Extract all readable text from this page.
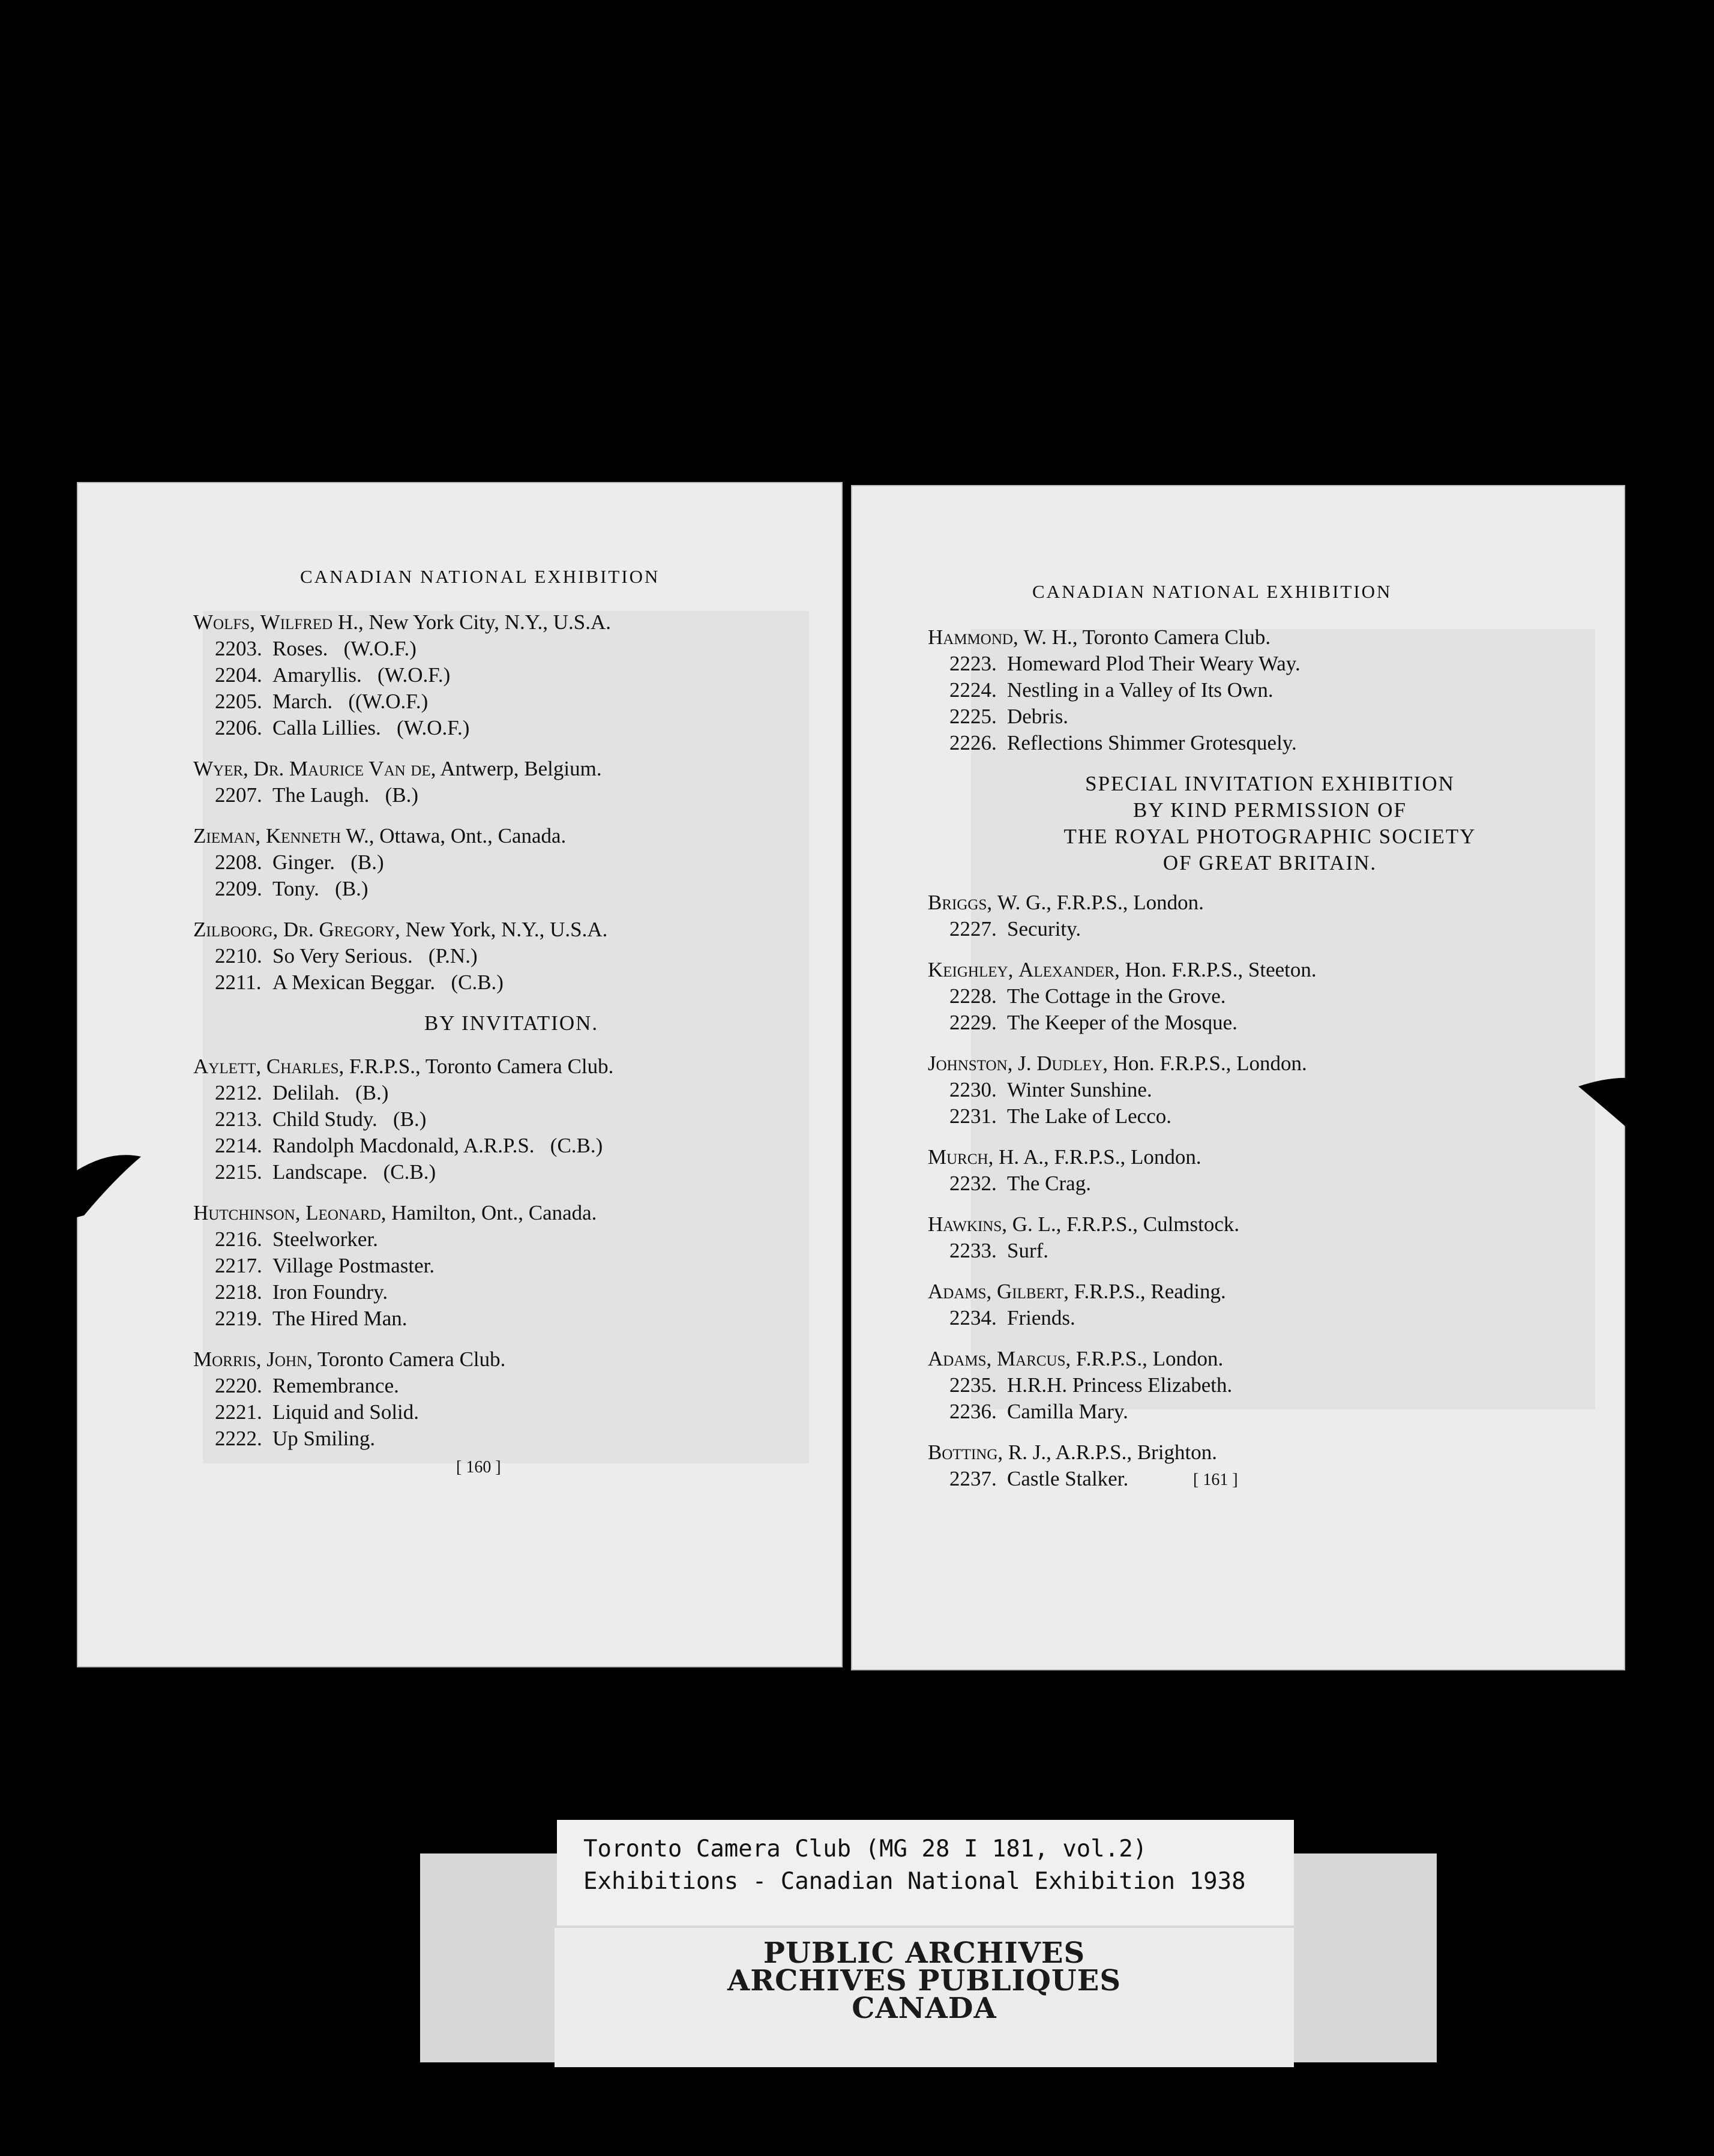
CANADIAN NATIONAL EXHIBITION
Wolfs, Wilfred H., New York City, N.Y., U.S.A.
2203. Roses. (W.O.F.)
2204. Amaryllis. (W.O.F.)
2205. March. ((W.O.F.)
2206. Calla Lillies. (W.O.F.)
Wyer, Dr. Maurice Van de, Antwerp, Belgium.
2207. The Laugh. (B.)
Zieman, Kenneth W., Ottawa, Ont., Canada.
2208. Ginger. (B.)
2209. Tony. (B.)
Zilboorg, Dr. Gregory, New York, N.Y., U.S.A.
2210. So Very Serious. (P.N.)
2211. A Mexican Beggar. (C.B.)
BY INVITATION.
Aylett, Charles, F.R.P.S., Toronto Camera Club.
2212. Delilah. (B.)
2213. Child Study. (B.)
2214. Randolph Macdonald, A.R.P.S. (C.B.)
2215. Landscape. (C.B.)
Hutchinson, Leonard, Hamilton, Ont., Canada.
2216. Steelworker.
2217. Village Postmaster.
2218. Iron Foundry.
2219. The Hired Man.
Morris, John, Toronto Camera Club.
2220. Remembrance.
2221. Liquid and Solid.
2222. Up Smiling.
[ 160 ]
CANADIAN NATIONAL EXHIBITION
Hammond, W. H., Toronto Camera Club.
2223. Homeward Plod Their Weary Way.
2224. Nestling in a Valley of Its Own.
2225. Debris.
2226. Reflections Shimmer Grotesquely.
SPECIAL INVITATION EXHIBITION
BY KIND PERMISSION OF
THE ROYAL PHOTOGRAPHIC SOCIETY
OF GREAT BRITAIN.
Briggs, W. G., F.R.P.S., London.
2227. Security.
Keighley, Alexander, Hon. F.R.P.S., Steeton.
2228. The Cottage in the Grove.
2229. The Keeper of the Mosque.
Johnston, J. Dudley, Hon. F.R.P.S., London.
2230. Winter Sunshine.
2231. The Lake of Lecco.
Murch, H. A., F.R.P.S., London.
2232. The Crag.
Hawkins, G. L., F.R.P.S., Culmstock.
2233. Surf.
Adams, Gilbert, F.R.P.S., Reading.
2234. Friends.
Adams, Marcus, F.R.P.S., London.
2235. H.R.H. Princess Elizabeth.
2236. Camilla Mary.
Botting, R. J., A.R.P.S., Brighton.
2237. Castle Stalker.	[ 161 ]
Toronto Camera Club (MG 28 I 181, vol.2)
Exhibitions - Canadian National Exhibition 1938
PUBLIC ARCHIVES
ARCHIVES PUBLIQUES
CANADA
